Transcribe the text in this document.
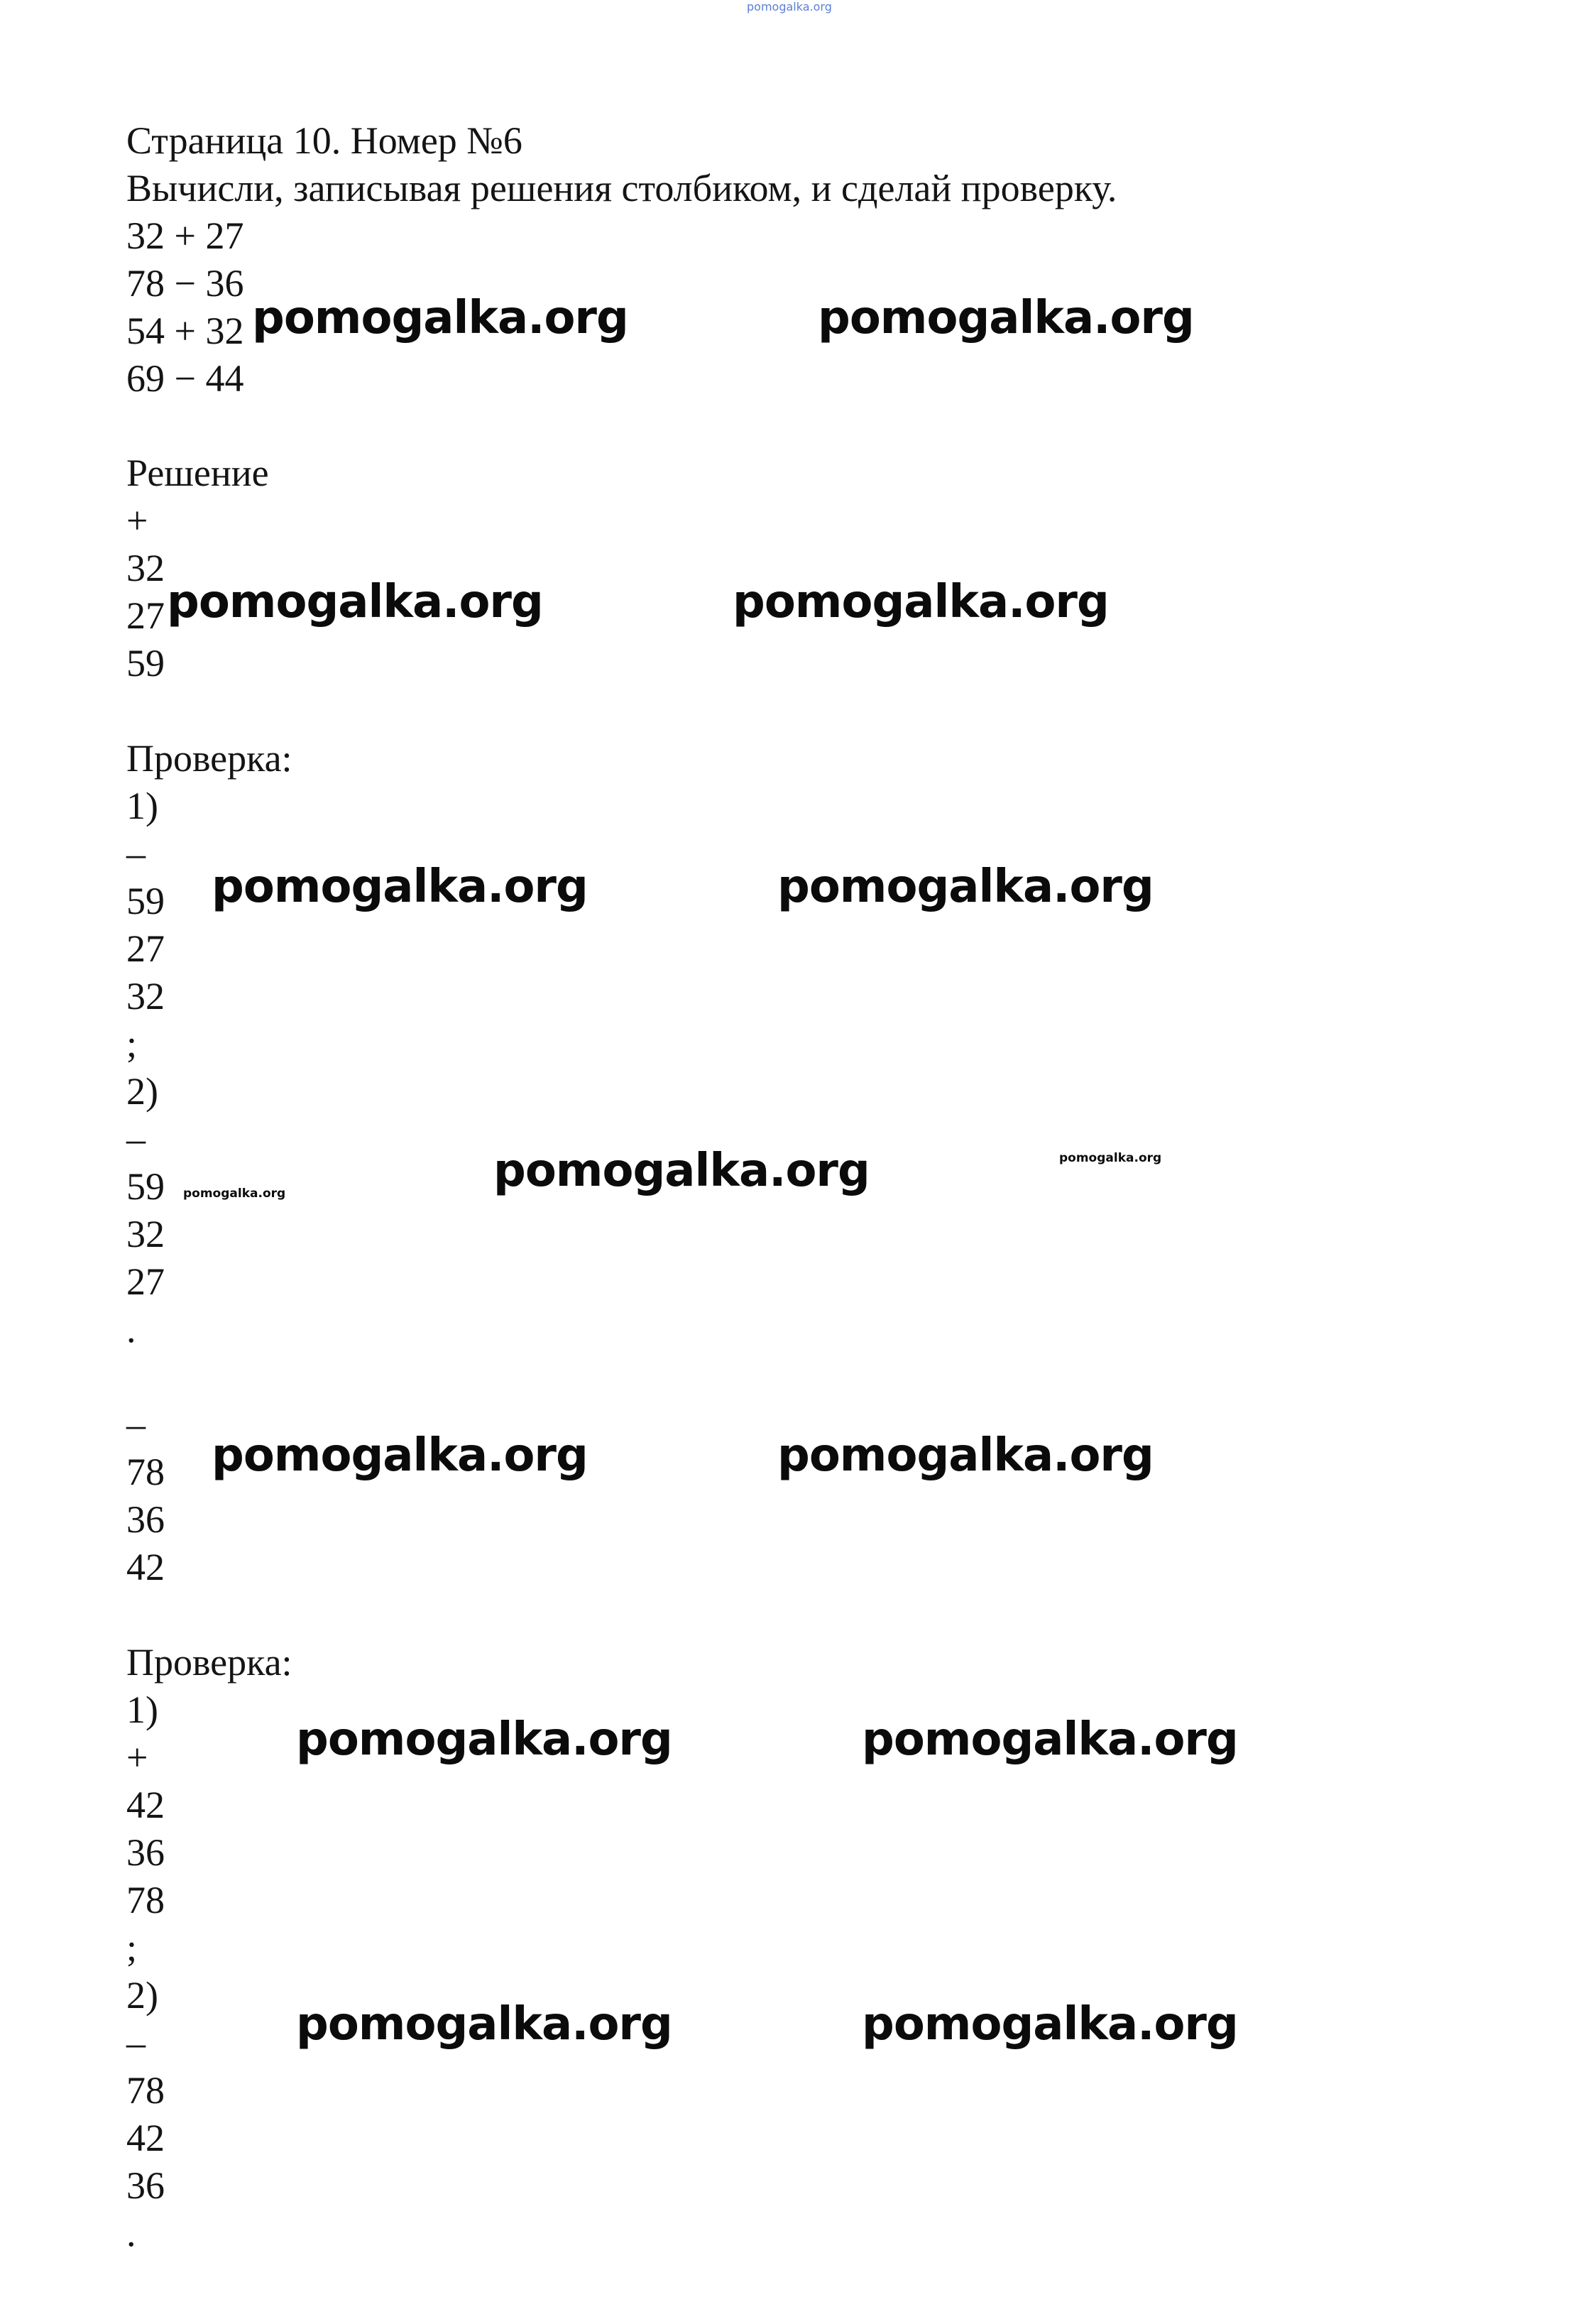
pomogalka.org
Страница 10. Номер №6
Вычисли, записывая решения столбиком, и сделай проверку.
32 + 27
78 − 36
54 + 32
69 − 44
Решение
+
32
27
59
Проверка:
1)
–
59
27
32
;
2)
–
59
32
27
.
–
78
36
42
Проверка:
1)
+
42
36
78
;
2)
–
78
42
36
.
pomogalka.org	pomogalka.org
pomogalka.org	pomogalka.org
pomogalka.org	pomogalka.org
pomogalka.org
pomogalka.org
pomogalka.org
pomogalka.org	pomogalka.org
pomogalka.org	pomogalka.org
pomogalka.org	pomogalka.org
